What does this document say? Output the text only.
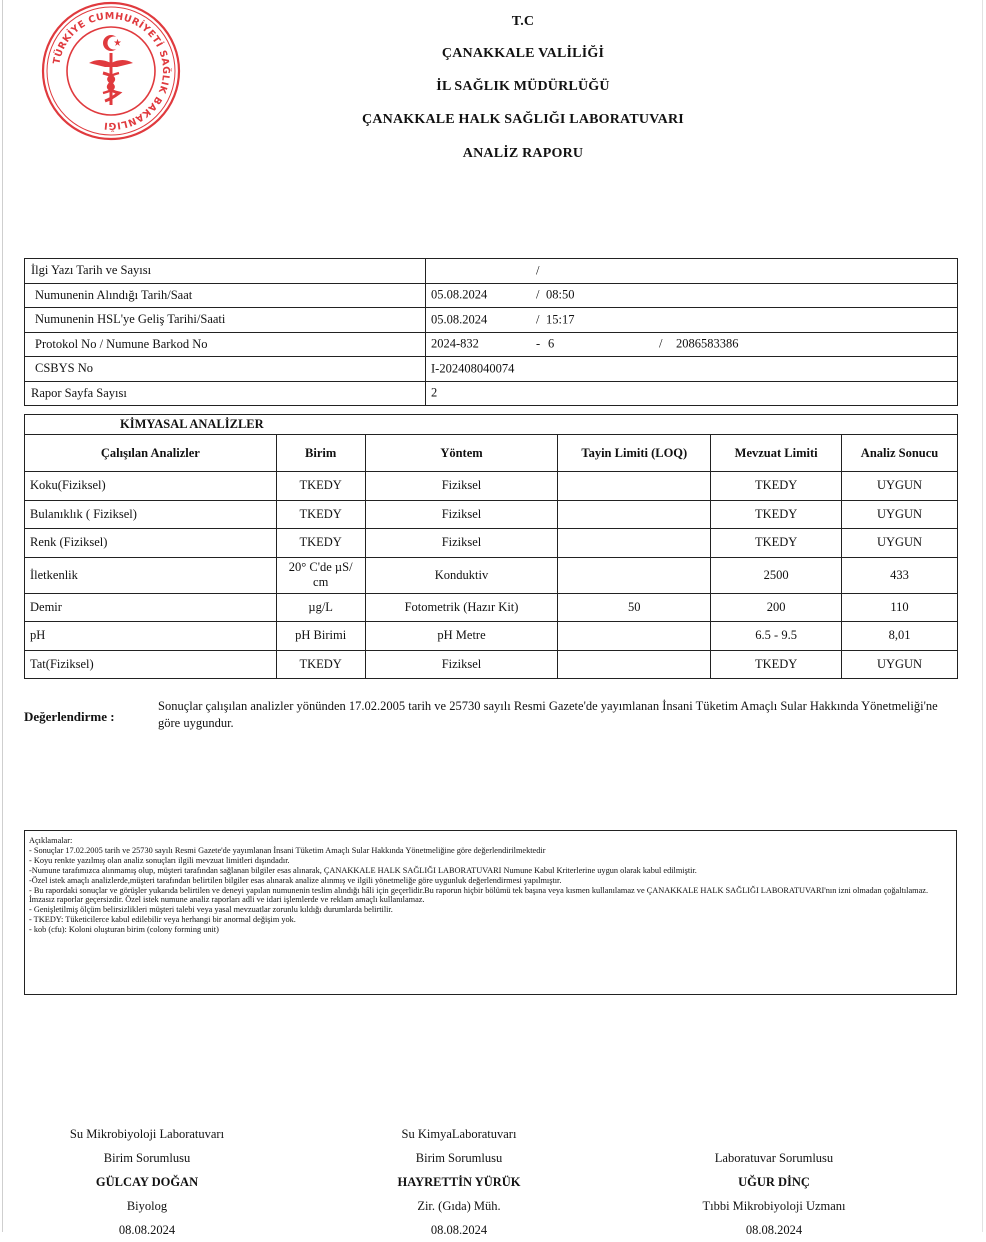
TÜRKİYE CUMHURİYETİ SAĞLIK BAKANLIĞI
T.C
ÇANAKKALE VALİLİĞİ
İL SAĞLIK MÜDÜRLÜĞÜ
ÇANAKKALE HALK SAĞLIĞI LABORATUVARI
ANALİZ RAPORU
İlgi Yazı Tarih ve Sayısı	/

Numunenin Alındığı Tarih/Saat	05.08.2024 / 08:50

Numunenin HSL'ye Geliş Tarihi/Saati	05.08.2024 / 15:17

Protokol No / Numune Barkod No	2024-832 - 6 / 2086583386

CSBYS No	I-202408040074

Rapor Sayfa Sayısı	2
KİMYASAL ANALİZLER					
Çalışılan Analizler	Birim	Yöntem	Tayin Limiti (LOQ)	Mevzuat Limiti	Analiz Sonucu
Koku(Fiziksel)	TKEDY	Fiziksel		TKEDY	UYGUN
Bulanıklık ( Fiziksel)	TKEDY	Fiziksel		TKEDY	UYGUN
Renk (Fiziksel)	TKEDY	Fiziksel		TKEDY	UYGUN
İletkenlik	20° C'de µS/ cm	Konduktiv		2500	433
Demir	µg/L	Fotometrik (Hazır Kit)	50	200	110
pH	pH Birimi	pH Metre		6.5 - 9.5	8,01
Tat(Fiziksel)	TKEDY	Fiziksel		TKEDY	UYGUN
Değerlendirme :
Sonuçlar çalışılan analizler yönünden 17.02.2005 tarih ve 25730 sayılı Resmi Gazete'de yayımlanan İnsani Tüketim Amaçlı Sular Hakkında Yönetmeliği'ne göre uygundur.
Açıklamalar:
- Sonuçlar 17.02.2005 tarih ve 25730 sayılı Resmi Gazete'de yayımlanan İnsani Tüketim Amaçlı Sular Hakkında Yönetmeliğine göre değerlendirilmektedir
- Koyu renkte yazılmış olan analiz sonuçları ilgili mevzuat limitleri dışındadır.
-Numune tarafımızca alınmamış olup, müşteri tarafından sağlanan bilgiler esas alınarak, ÇANAKKALE HALK SAĞLIĞI LABORATUVARI Numune Kabul Kriterlerine uygun olarak kabul edilmiştir.
-Özel istek amaçlı analizlerde,müşteri tarafından belirtilen bilgiler esas alınarak analize alınmış ve ilgili yönetmeliğe göre uygunluk değerlendirmesi yapılmıştır.
- Bu rapordaki sonuçlar ve görüşler yukarıda belirtilen ve deneyi yapılan numunenin teslim alındığı hâli için geçerlidir.Bu raporun hiçbir bölümü tek başına veya kısmen kullanılamaz ve ÇANAKKALE HALK SAĞLIĞI LABORATUVARI'nın izni olmadan çoğaltılamaz. İmzasız raporlar geçersizdir. Özel istek numune analiz raporları adli ve idari işlemlerde ve reklam amaçlı kullanılamaz.
- Genişletilmiş ölçüm belirsizlikleri müşteri talebi veya yasal mevzuatlar zorunlu kıldığı durumlarda belirtilir.
- TKEDY: Tüketicilerce kabul edilebilir veya herhangi bir anormal değişim yok.
- kob (cfu): Koloni oluşturan birim (colony forming unit)
Su Mikrobiyoloji Laboratuvarı
Birim Sorumlusu
GÜLCAY DOĞAN
Biyolog
08.08.2024
Su KimyaLaboratuvarı
Birim Sorumlusu
HAYRETTİN YÜRÜK
Zir. (Gıda) Müh.
08.08.2024
Laboratuvar Sorumlusu
UĞUR DİNÇ
Tıbbi Mikrobiyoloji Uzmanı
08.08.2024
